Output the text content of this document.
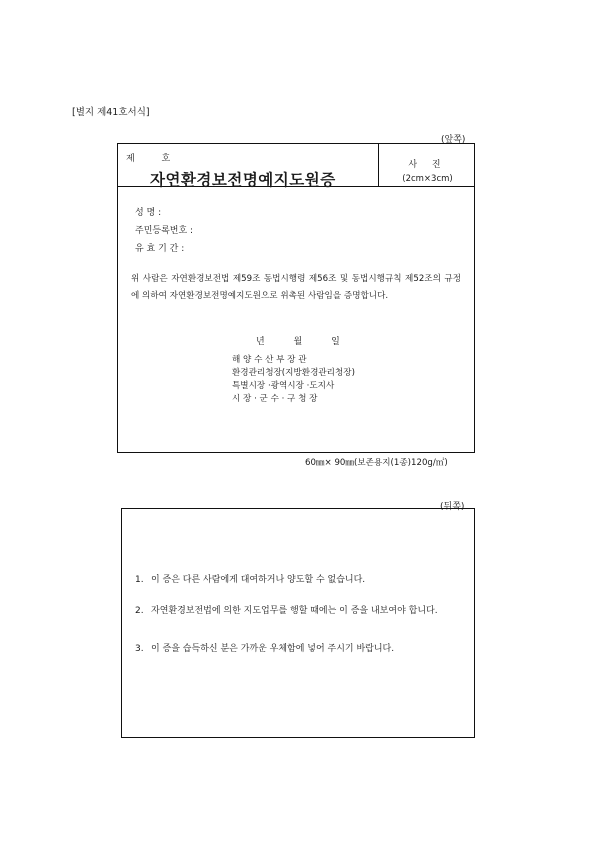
[별지 제41호서식]
(앞쪽)
제 호
자연환경보전명예지도원증
사 진
(2cm×3cm)
성 명 :
주민등록번호 :
유 효 기 간 :
위 사람은 자연환경보전법 제59조 동법시행령 제56조 및 동법시행규칙 제52조의 규정에 의하여 자연환경보전명예지도원으로 위촉된 사람임을 증명합니다.
년 월 일
해 양 수 산 부 장 관
환경관리청장(지방환경관리청장)
특별시장 ·광역시장 ·도지사
시 장 · 군 수 · 구 청 장
60㎜× 90㎜(보존용지(1종)120g/㎡)
(뒤쪽)
1. 이 증은 다른 사람에게 대여하거나 양도할 수 없습니다.
2. 자연환경보전법에 의한 지도업무를 행할 때에는 이 증을 내보여야 합니다.
3. 이 증을 습득하신 분은 가까운 우체함에 넣어 주시기 바랍니다.
